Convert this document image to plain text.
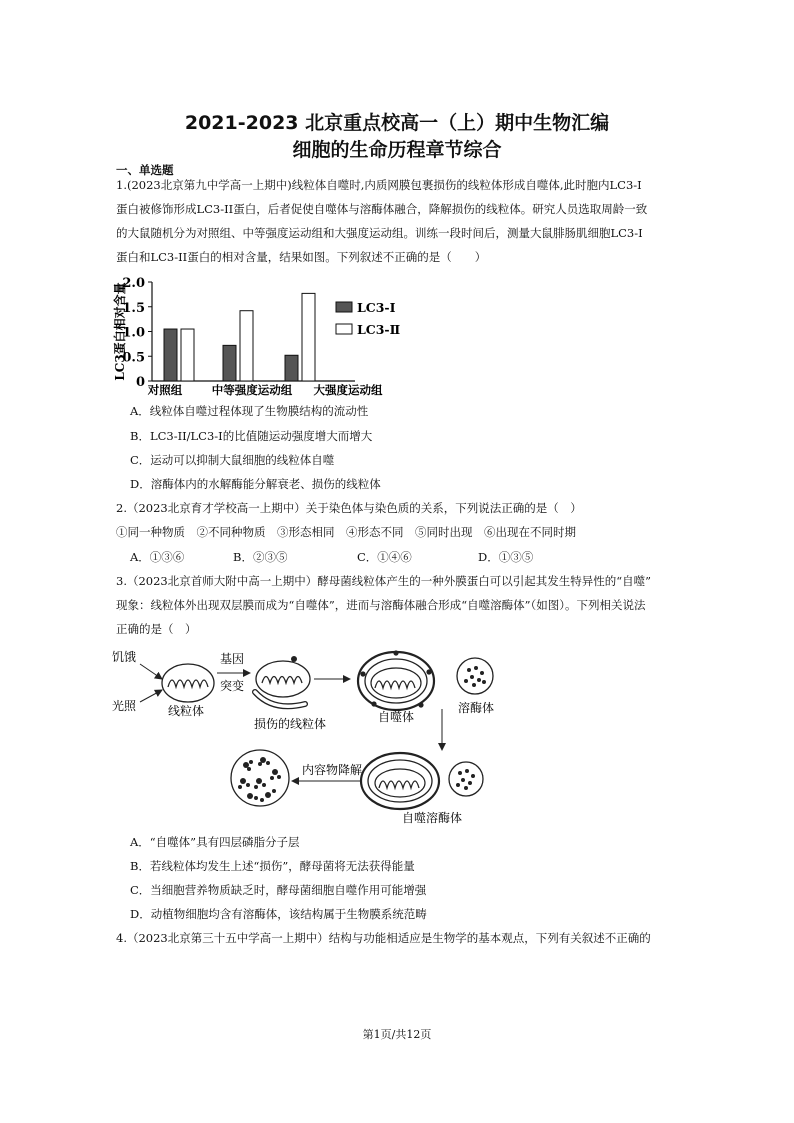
2021-2023 北京重点校高一（上）期中生物汇编
细胞的生命历程章节综合
一、单选题
1.(2023北京第九中学高一上期中)线粒体自噬时,内质网膜包裹损伤的线粒体形成自噬体,此时胞内LC3-I
蛋白被修饰形成LC3-II蛋白，后者促使自噬体与溶酶体融合，降解损伤的线粒体。研究人员选取周龄一致
的大鼠随机分为对照组、中等强度运动组和大强度运动组。训练一段时间后，测量大鼠腓肠肌细胞LC3-I
蛋白和LC3-II蛋白的相对含量，结果如图。下列叙述不正确的是（　　）
0
0.5
1.0
1.5
2.0
LC3蛋白相对含量
对照组	中等强度运动组 大强度运动组
LC3-Ⅰ
LC3-Ⅱ
A．线粒体自噬过程体现了生物膜结构的流动性
B．LC3-II/LC3-I的比值随运动强度增大而增大
C．运动可以抑制大鼠细胞的线粒体自噬
D．溶酶体内的水解酶能分解衰老、损伤的线粒体
2.（2023北京育才学校高一上期中）关于染色体与染色质的关系，下列说法正确的是（　）
①同一种物质　②不同种物质　③形态相同　④形态不同　⑤同时出现　⑥出现在不同时期
A．①③⑥	B．②③⑤	C．①④⑥	D．①③⑤
3.（2023北京首师大附中高一上期中）酵母菌线粒体产生的一种外膜蛋白可以引起其发生特异性的“自噬”
现象：线粒体外出现双层膜而成为“自噬体”，进而与溶酶体融合形成“自噬溶酶体”（如图）。下列相关说法
正确的是（　）
饥饿
光照	线粒体
基因
突变
损伤的线粒体	自噬体
溶酶体
自噬溶酶体
内容物降解
A．“自噬体”具有四层磷脂分子层
B．若线粒体均发生上述“损伤”，酵母菌将无法获得能量
C．当细胞营养物质缺乏时，酵母菌细胞自噬作用可能增强
D．动植物细胞均含有溶酶体，该结构属于生物膜系统范畴
4.（2023北京第三十五中学高一上期中）结构与功能相适应是生物学的基本观点，下列有关叙述不正确的
第1页/共12页
